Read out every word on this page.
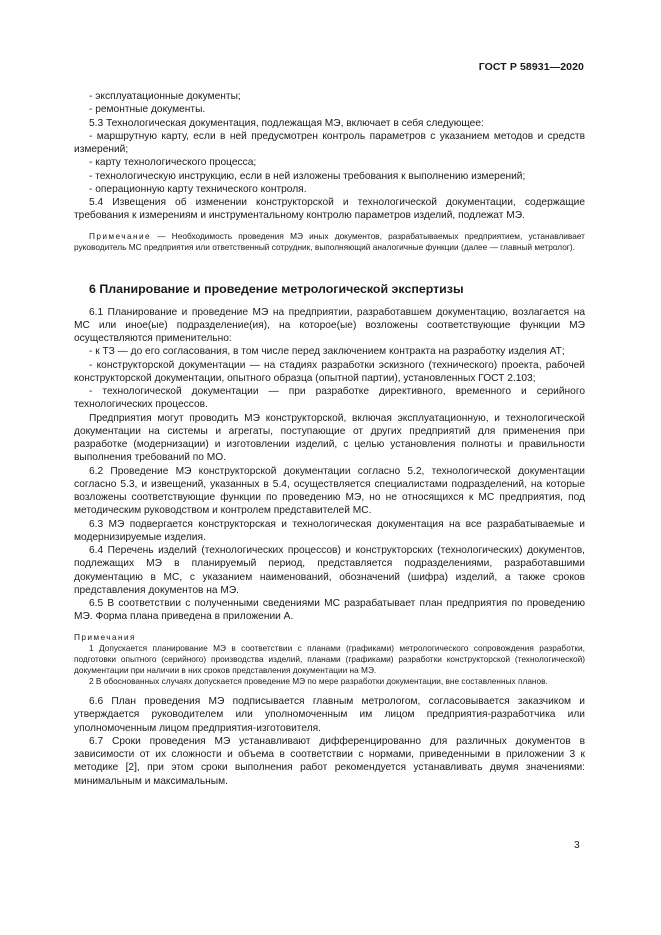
ГОСТ Р 58931—2020

- эксплуатационные документы;

- ремонтные документы.

5.3 Технологическая документация, подлежащая МЭ, включает в себя следующее:

- маршрутную карту, если в ней предусмотрен контроль параметров с указанием методов и средств измерений;

- карту технологического процесса;

- технологическую инструкцию, если в ней изложены требования к выполнению измерений;

- операционную карту технического контроля.

5.4 Извещения об изменении конструкторской и технологической документации, содержащие требования к измерениям и инструментальному контролю параметров изделий, подлежат МЭ.

Примечание — Необходимость проведения МЭ иных документов, разрабатываемых предприятием, устанавливает руководитель МС предприятия или ответственный сотрудник, выполняющий аналогичные функции (далее — главный метролог).

6 Планирование и проведение метрологической экспертизы

6.1 Планирование и проведение МЭ на предприятии, разработавшем документацию, возлагается на МС или иное(ые) подразделение(ия), на которое(ые) возложены соответствующие функции МЭ осуществляются применительно:

- к ТЗ — до его согласования, в том числе перед заключением контракта на разработку изделия АТ;

- конструкторской документации — на стадиях разработки эскизного (технического) проекта, рабочей конструкторской документации, опытного образца (опытной партии), установленных ГОСТ 2.103;

- технологической документации — при разработке директивного, временного и серийного технологических процессов.

Предприятия могут проводить МЭ конструкторской, включая эксплуатационную, и технологической документации на системы и агрегаты, поступающие от других предприятий для применения при разработке (модернизации) и изготовлении изделий, с целью установления полноты и правильности выполнения требований по МО.

6.2 Проведение МЭ конструкторской документации согласно 5.2, технологической документации согласно 5.3, и извещений, указанных в 5.4, осуществляется специалистами подразделений, на которые возложены соответствующие функции по проведению МЭ, но не относящихся к МС предприятия, под методическим руководством и контролем представителей МС.

6.3 МЭ подвергается конструкторская и технологическая документация на все разрабатываемые и модернизируемые изделия.

6.4 Перечень изделий (технологических процессов) и конструкторских (технологических) документов, подлежащих МЭ в планируемый период, представляется подразделениями, разработавшими документацию в МС, с указанием наименований, обозначений (шифра) изделий, а также сроков представления документов на МЭ.

6.5 В соответствии с полученными сведениями МС разрабатывает план предприятия по проведению МЭ. Форма плана приведена в приложении А.

Примечания

1 Допускается планирование МЭ в соответствии с планами (графиками) метрологического сопровождения разработки, подготовки опытного (серийного) производства изделий, планами (графиками) разработки конструкторской (технологической) документации при наличии в них сроков представления документации на МЭ.

2 В обоснованных случаях допускается проведение МЭ по мере разработки документации, вне составленных планов.

6.6 План проведения МЭ подписывается главным метрологом, согласовывается заказчиком и утверждается руководителем или уполномоченным им лицом предприятия-разработчика или уполномоченным лицом предприятия-изготовителя.

6.7 Сроки проведения МЭ устанавливают дифференцированно для различных документов в зависимости от их сложности и объема в соответствии с нормами, приведенными в приложении 3 к методике [2], при этом сроки выполнения работ рекомендуется устанавливать двумя значениями: минимальным и максимальным.

3
